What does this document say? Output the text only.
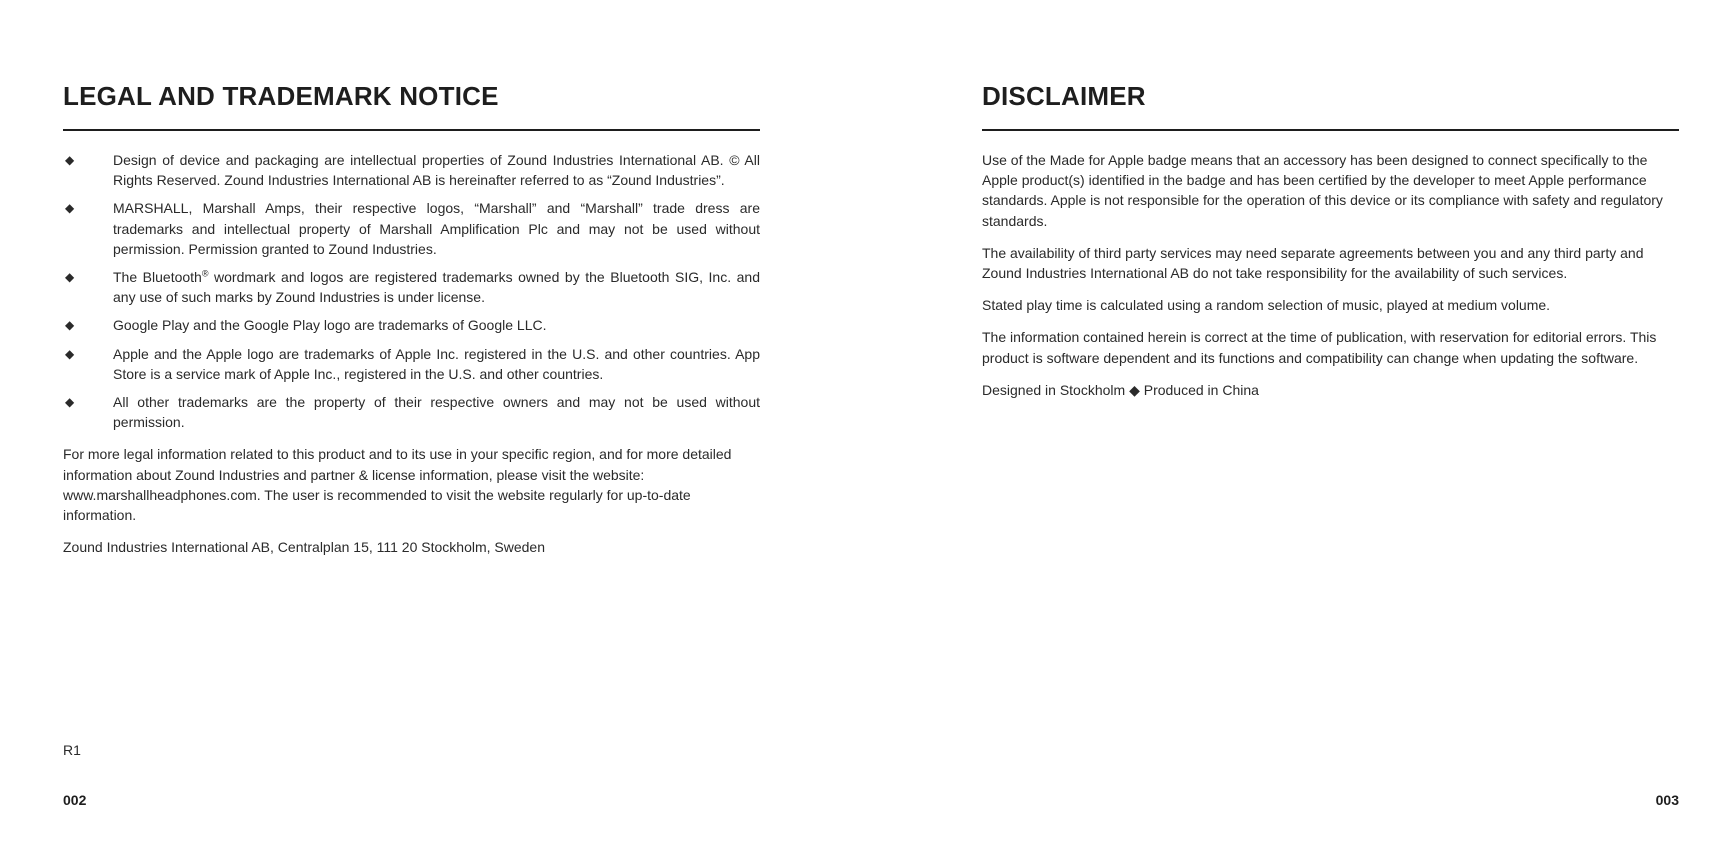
LEGAL AND TRADEMARK NOTICE
◆	Design of device and packaging are intellectual properties of Zound Industries International AB. © All Rights Reserved. Zound Industries International AB is hereinafter referred to as “Zound Industries”.
◆	MARSHALL, Marshall Amps, their respective logos, “Marshall” and “Marshall” trade dress are trademarks and intellectual property of Marshall Amplification Plc and may not be used without permission. Permission granted to Zound Industries.
◆	The Bluetooth® wordmark and logos are registered trademarks owned by the Bluetooth SIG, Inc. and any use of such marks by Zound Industries is under license.
◆	Google Play and the Google Play logo are trademarks of Google LLC.
◆	Apple and the Apple logo are trademarks of Apple Inc. registered in the U.S. and other countries. App Store is a service mark of Apple Inc., registered in the U.S. and other countries.
◆	All other trademarks are the property of their respective owners and may not be used without permission.

For more legal information related to this product and to its use in your specific region, and for more detailed information about Zound Industries and partner & license information, please visit the website: www.marshallheadphones.com. The user is recommended to visit the website regularly for up-to-date information.

Zound Industries International AB, Centralplan 15, 111 20 Stockholm, Sweden

R1
002
DISCLAIMER

Use of the Made for Apple badge means that an accessory has been designed to connect specifically to the Apple product(s) identified in the badge and has been certified by the developer to meet Apple performance standards. Apple is not responsible for the operation of this device or its compliance with safety and regulatory standards.

The availability of third party services may need separate agreements between you and any third party and Zound Industries International AB do not take responsibility for the availability of such services.

Stated play time is calculated using a random selection of music, played at medium volume.

The information contained herein is correct at the time of publication, with reservation for editorial errors. This product is software dependent and its functions and compatibility can change when updating the software.

Designed in Stockholm ◆ Produced in China

003
